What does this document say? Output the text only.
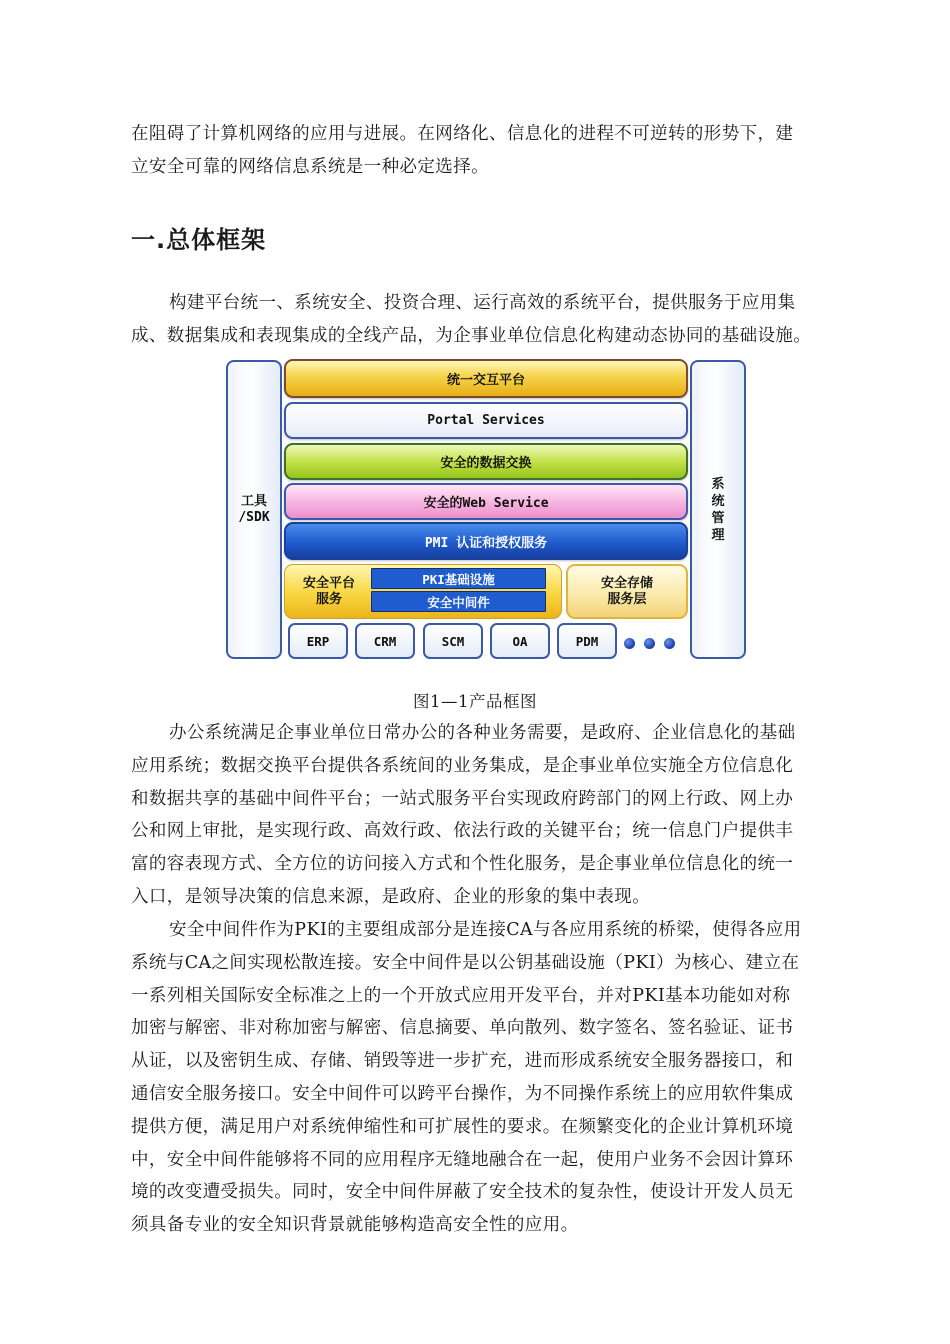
在阻碍了计算机网络的应用与进展。在网络化、信息化的进程不可逆转的形势下，建
立安全可靠的网络信息系统是一种必定选择。
一.总体框架
构建平台统一、系统安全、投资合理、运行高效的系统平台，提供服务于应用集
成、数据集成和表现集成的全线产品，为企事业单位信息化构建动态协同的基础设施。
工具
/SDK
系
统
管
理
统一交互平台
Portal Services
安全的数据交换
安全的Web Service
PMI 认证和授权服务
安全平台
服务
PKI基础设施
安全中间件
安全存储
服务层
ERP	CRM	SCM	OA	PDM
图1—1产品框图
办公系统满足企事业单位日常办公的各种业务需要，是政府、企业信息化的基础
应用系统；数据交换平台提供各系统间的业务集成，是企事业单位实施全方位信息化
和数据共享的基础中间件平台；一站式服务平台实现政府跨部门的网上行政、网上办
公和网上审批，是实现行政、高效行政、依法行政的关键平台；统一信息门户提供丰
富的容表现方式、全方位的访问接入方式和个性化服务，是企事业单位信息化的统一
入口，是领导决策的信息来源，是政府、企业的形象的集中表现。
安全中间件作为PKI的主要组成部分是连接CA与各应用系统的桥梁，使得各应用
系统与CA之间实现松散连接。安全中间件是以公钥基础设施（PKI）为核心、建立在
一系列相关国际安全标准之上的一个开放式应用开发平台，并对PKI基本功能如对称
加密与解密、非对称加密与解密、信息摘要、单向散列、数字签名、签名验证、证书
从证，以及密钥生成、存储、销毁等进一步扩充，进而形成系统安全服务器接口，和
通信安全服务接口。安全中间件可以跨平台操作，为不同操作系统上的应用软件集成
提供方便，满足用户对系统伸缩性和可扩展性的要求。在频繁变化的企业计算机环境
中，安全中间件能够将不同的应用程序无缝地融合在一起，使用户业务不会因计算环
境的改变遭受损失。同时，安全中间件屏蔽了安全技术的复杂性，使设计开发人员无
须具备专业的安全知识背景就能够构造高安全性的应用。
